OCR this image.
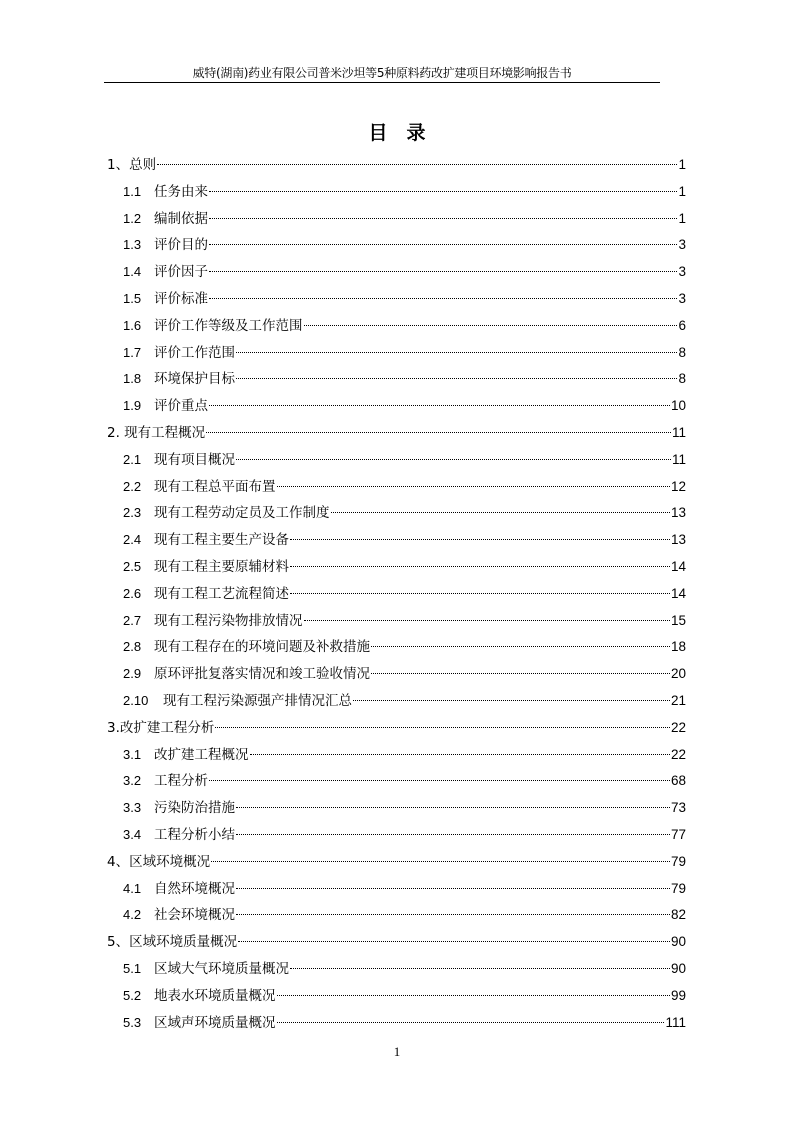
威特(湖南)药业有限公司普米沙坦等5种原料药改扩建项目环境影响报告书
目　录
1、总则	1
1.1 任务由来	1
1.2 编制依据	1
1.3 评价目的	3
1.4 评价因子	3
1.5 评价标准	3
1.6 评价工作等级及工作范围	6
1.7 评价工作范围	8
1.8 环境保护目标	8
1.9 评价重点	10
2. 现有工程概况	11
2.1 现有项目概况	11
2.2 现有工程总平面布置	12
2.3 现有工程劳动定员及工作制度	13
2.4 现有工程主要生产设备	13
2.5 现有工程主要原辅材料	14
2.6 现有工程工艺流程简述	14
2.7 现有工程污染物排放情况	15
2.8 现有工程存在的环境问题及补救措施	18
2.9 原环评批复落实情况和竣工验收情况	20
2.10	现有工程污染源强产排情况汇总	21
3.改扩建工程分析	22
3.1 改扩建工程概况	22
3.2 工程分析	68
3.3 污染防治措施	73
3.4 工程分析小结	77
4、区域环境概况	79
4.1 自然环境概况	79
4.2 社会环境概况	82
5、区域环境质量概况	90
5.1 区域大气环境质量概况	90
5.2 地表水环境质量概况	99
5.3 区域声环境质量概况	111
1
